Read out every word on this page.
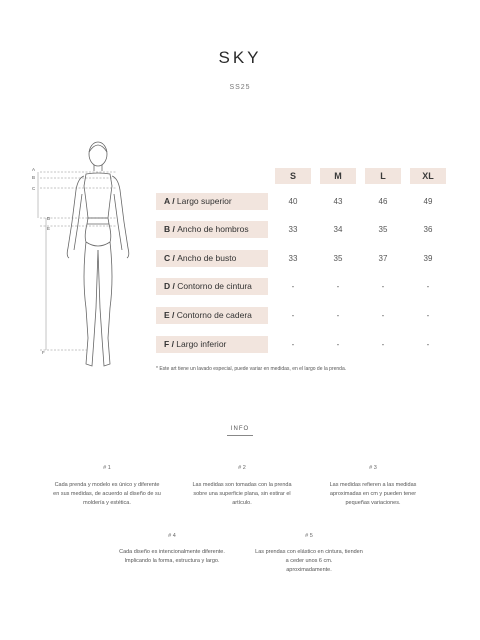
SKY
SS25
A
B
C
D
E
F
S	M	L	XL
A / Largo superior	40	43	46	49
B / Ancho de hombros	33	34	35	36
C / Ancho de busto	33	35	37	39
D / Contorno de cintura	-	-	-	-
E / Contorno de cadera	-	-	-	-
F / Largo inferior	-	-	-	-
* Este art tiene un lavado especial, puede variar en medidas, en el largo de la prenda.
INFO
# 1
Cada prenda y modelo es único y diferente
en sus medidas, de acuerdo al diseño de su
moldería y estética.
# 2
Las medidas son tomadas con la prenda
sobre una superficie plana, sin estirar el
artículo.
# 3
Las medidas refieren a las medidas
aproximadas en cm y pueden tener
pequeñas variaciones.
# 4
Cada diseño es intencionalmente diferente.
Implicando la forma, estructura y largo.
# 5
Las prendas con elástico en cintura, tienden
a ceder unos 6 cm.
aproximadamente.
